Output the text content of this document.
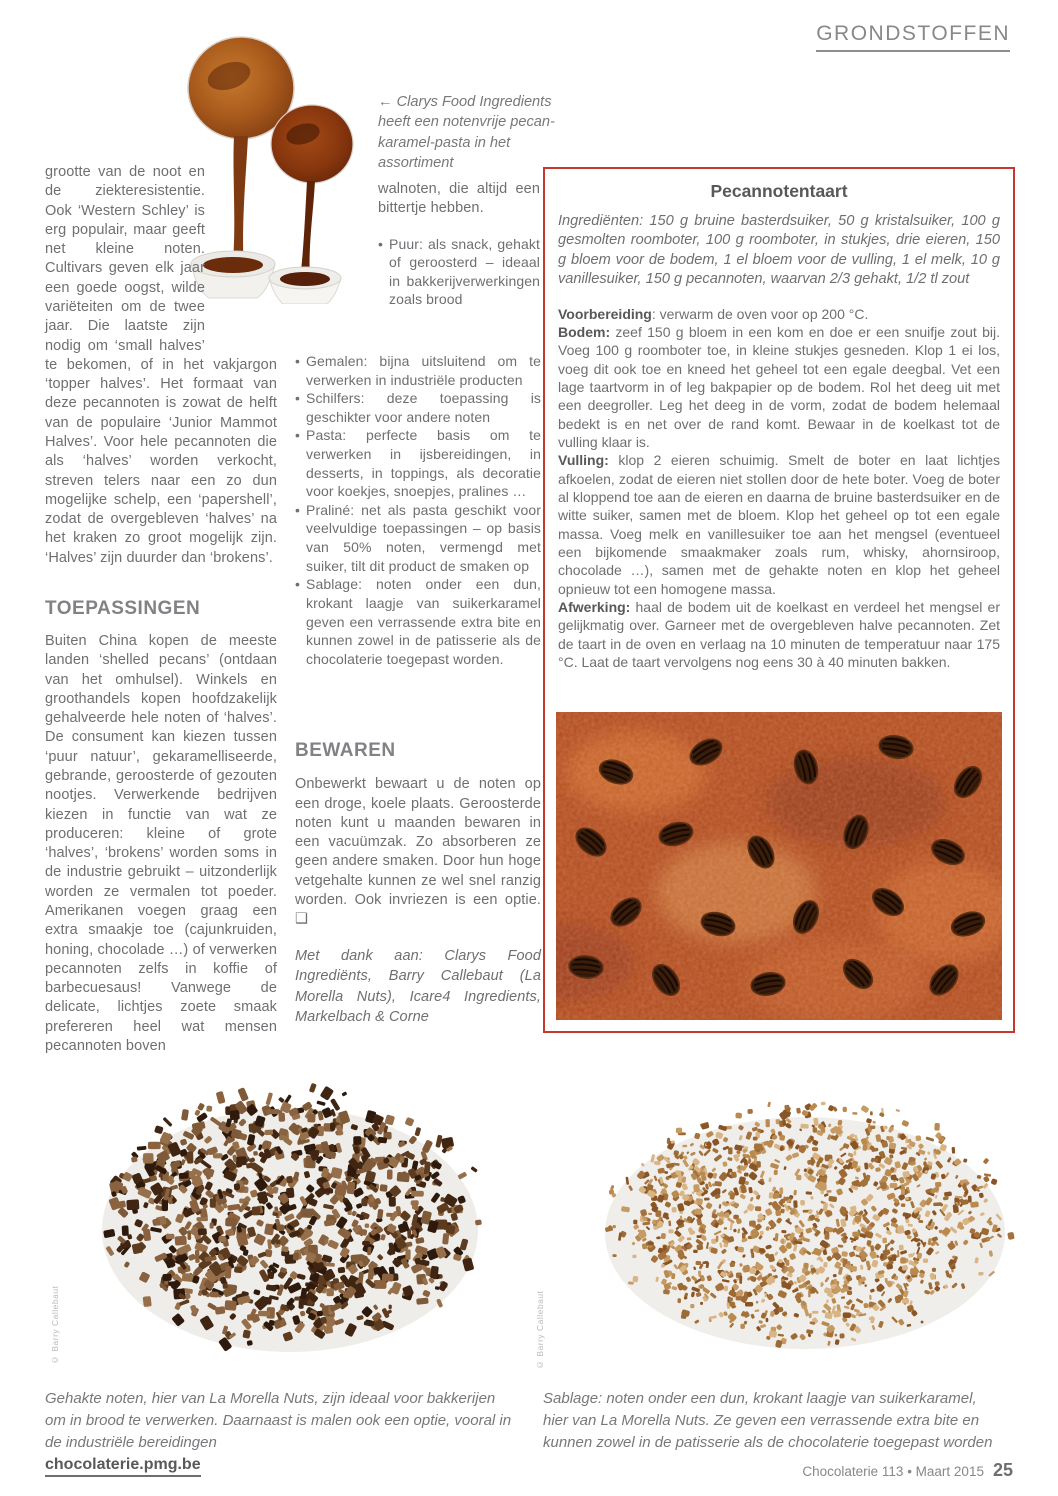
GRONDSTOFFEN

← Clarys Food Ingredients heeft een notenvrije pecan-karamel-pasta in het assortiment

grootte van de noot en de ziekteresistentie. Ook ‘Western Schley’ is erg populair, maar geeft net kleine noten. Cultivars geven elk jaar een goede oogst, wilde variëteiten om de twee jaar. Die laatste zijn nodig om ‘small halves’ te bekomen, of in het vakjargon ‘topper halves’. Het formaat van deze pecannoten is zowat de helft van de populaire ‘Junior Mammot Halves’. Voor hele pecannoten die als ‘halves’ worden verkocht, streven telers naar een zo dun mogelijke schelp, een ‘papershell’, zodat de overgebleven ‘halves’ na het kraken zo groot mogelijk zijn. ‘Halves’ zijn duurder dan ‘brokens’.
TOEPASSINGEN

Buiten China kopen de meeste landen ‘shelled pecans’ (ontdaan van het omhulsel). Winkels en groothandels kopen hoofdzakelijk gehalveerde hele noten of ‘halves’. De consument kan kiezen tussen ‘puur natuur’, gekaramelliseerde, gebrande, geroosterde of gezouten nootjes. Verwerkende bedrijven kiezen in functie van wat ze produceren: kleine of grote ‘halves’, ‘brokens’ worden soms in de industrie gebruikt – uitzonderlijk worden ze vermalen tot poeder. Amerikanen voegen graag een extra smaakje toe (cajunkruiden, honing, chocolade …) of verwerken pecannoten zelfs in koffie of barbecuesaus! Vanwege de delicate, lichtjes zoete smaak prefereren heel wat mensen pecannoten boven

walnoten, die altijd een bittertje hebben.

• Puur: als snack, gehakt of geroosterd – ideaal in bakkerijverwerkingen zoals brood

• Gemalen: bijna uitsluitend om te verwerken in industriële producten

• Schilfers: deze toepassing is geschikter voor andere noten

• Pasta: perfecte basis om te verwerken in ijsbereidingen, in desserts, in toppings, als decoratie voor koekjes, snoepjes, pralines …

• Praliné: net als pasta geschikt voor veelvuldige toepassingen – op basis van 50% noten, vermengd met suiker, tilt dit product de smaken op

• Sablage: noten onder een dun, krokant laagje van suikerkaramel geven een verrassende extra bite en kunnen zowel in de patisserie als de chocolaterie toegepast worden.

BEWAREN

Onbewerkt bewaart u de noten op een droge, koele plaats. Geroosterde noten kunt u maanden bewaren in een vacuümzak. Zo absorberen ze geen andere smaken. Door hun hoge vetgehalte kunnen ze wel snel ranzig worden. Ook invriezen is een optie. ❑

Met dank aan: Clarys Food Ingrediënts, Barry Callebaut (La Morella Nuts), Icare4 Ingredients, Markelbach & Corne

Pecannotentaart

Ingrediënten: 150 g bruine basterdsuiker, 50 g kristalsuiker, 100 g gesmolten roomboter, 100 g roomboter, in stukjes, drie eieren, 150 g bloem voor de bodem, 1 el bloem voor de vulling, 1 el melk, 10 g vanillesuiker, 150 g pecannoten, waarvan 2/3 gehakt, 1/2 tl zout

Voorbereiding: verwarm de oven voor op 200 °C.

Bodem: zeef 150 g bloem in een kom en doe er een snuifje zout bij. Voeg 100 g roomboter toe, in kleine stukjes gesneden. Klop 1 ei los, voeg dit ook toe en kneed het geheel tot een egale deegbal. Vet een lage taartvorm in of leg bakpapier op de bodem. Rol het deeg uit met een deegroller. Leg het deeg in de vorm, zodat de bodem helemaal bedekt is en net over de rand komt. Bewaar in de koelkast tot de vulling klaar is.

Vulling: klop 2 eieren schuimig. Smelt de boter en laat lichtjes afkoelen, zodat de eieren niet stollen door de hete boter. Voeg de boter al kloppend toe aan de eieren en daarna de bruine basterdsuiker en de witte suiker, samen met de bloem. Klop het geheel op tot een egale massa. Voeg melk en vanillesuiker toe aan het mengsel (eventueel een bijkomende smaakmaker zoals rum, whisky, ahornsiroop, chocolade …), samen met de gehakte noten en klop het geheel opnieuw tot een homogene massa.

Afwerking: haal de bodem uit de koelkast en verdeel het mengsel er gelijkmatig over. Garneer met de overgebleven halve pecannoten. Zet de taart in de oven en verlaag na 10 minuten de temperatuur naar 175 °C. Laat de taart vervolgens nog eens 30 à 40 minuten bakken.

© Barry Callebaut	© Barry Callebaut

Gehakte noten, hier van La Morella Nuts, zijn ideaal voor bakkerijen om in brood te verwerken. Daarnaast is malen ook een optie, vooral in de industriële bereidingen

Sablage: noten onder een dun, krokant laagje van suikerkaramel, hier van La Morella Nuts. Ze geven een verrassende extra bite en kunnen zowel in de patisserie als de chocolaterie toegepast worden

chocolaterie.pmg.be	Chocolaterie 113 • Maart 2015 25
